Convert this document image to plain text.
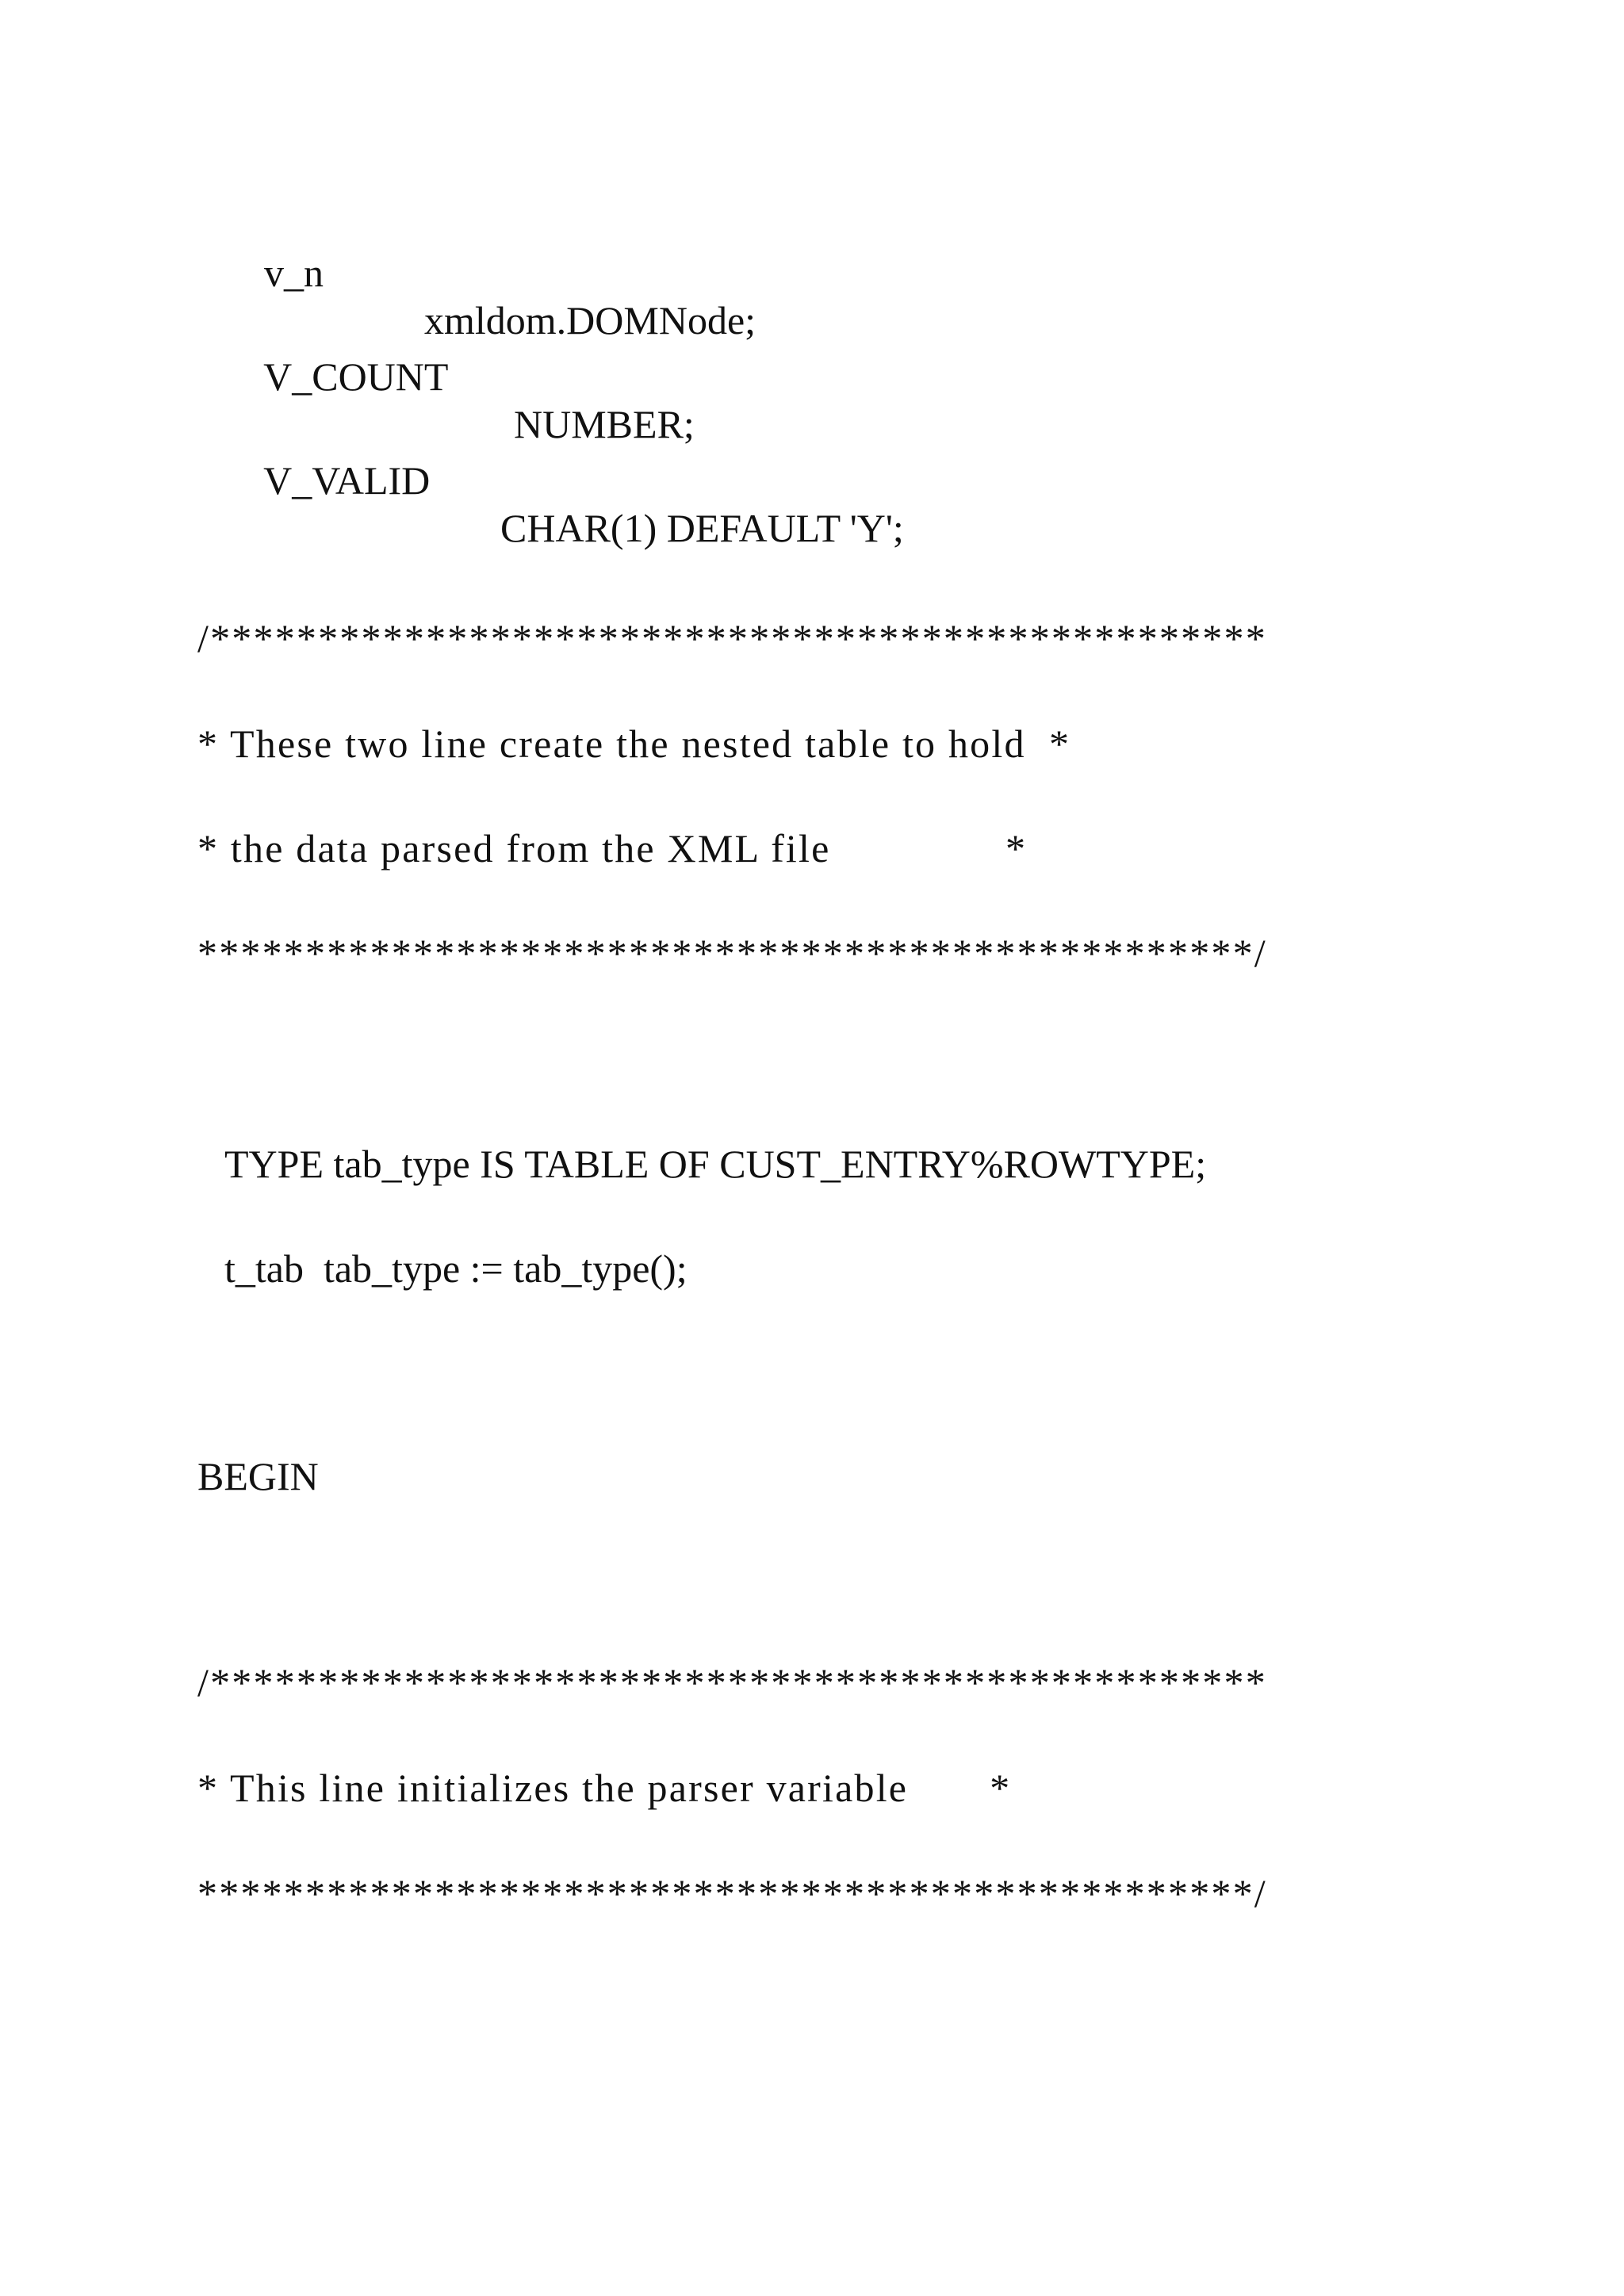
v_n

xmldom.DOMNode;

V_COUNT

NUMBER;

V_VALID

CHAR(1) DEFAULT 'Y';

/*************************************************
* These two line create the nested table to hold  *
* the data parsed from the XML file               *
*************************************************/
TYPE tab_type IS TABLE OF CUST_ENTRY%ROWTYPE;
t_tab  tab_type := tab_type();
BEGIN
/*************************************************
* This line initializes the parser variable       *
*************************************************/
